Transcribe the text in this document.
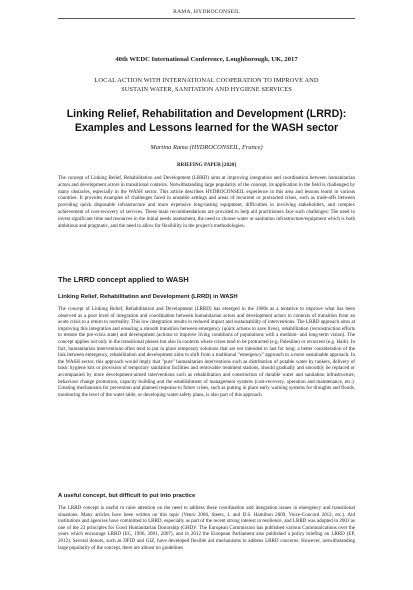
RAMA, HYDROCONSEIL
40th WEDC International Conference, Loughborough, UK, 2017
LOCAL ACTION WITH INTERNATIONAL COOPERATION TO IMPROVE AND
SUSTAIN WATER, SANITATION AND HYGIENE SERVICES
Linking Relief, Rehabilitation and Development (LRRD):
Examples and Lessons learned for the WASH sector
Martina Rama (HYDROCONSEIL, France)
BRIEFING PAPER [2820]

The concept of Linking Relief, Rehabilitation and Development (LRRD) aims at improving integration and coordination between humanitarian actors and development actors in transitional contexts. Notwithstanding large popularity of the concept, its application in the field is challenged by many obstacles, especially in the WASH sector. This article describes HYDROCONSEIL experience in this area and lessons learnt in various countries. It provides examples of challenges faced in unstable settings and areas of recurrent or protracted crises, such as trade-offs between providing quick disposable infrastructure and more expensive long-lasting equipment, difficulties in involving stakeholders, and complex achievement of cost-recovery of services. These main recommendations are provided to help aid practitioners face such challenges: The need to invest significant time and resources in the initial needs assessment, the need to choose water or sanitation infrastructure/equipment which is both ambitious and pragmatic, and the need to allow for flexibility in the project's methodologies.

The LRRD concept applied to WASH
Linking Relief, Rehabilitation and Development (LRRD) in WASH

The concept of Linking Relief, Rehabilitation and Development (LRRD) has emerged in the 1980s as a tentative to improve what has been observed as a poor level of integration and coordination between humanitarian actors and development actors in contexts of transition from an acute crisis to a return to normality. This low integration results in reduced impact and sustainability of interventions. The LRRD approach aims at improving this integration and ensuring a smooth transition between emergency (quick actions to save lives), rehabilitation (reconstruction efforts to restore the pre-crisis state) and development (actions to improve living conditions of populations with a medium- and long-term vision). The concept applies not only in the transitional phases but also in contexts where crises tend to be protracted (e.g. Palestine) or recurrent (e.g. Haiti). In fact, humanitarian interventions often tend to put in place temporary solutions that are not intended to last for long: a better consideration of the link between emergency, rehabilitation and development aims to shift from a traditional "emergency" approach to a more sustainable approach. In the WASH sector, this approach would imply that "pure" humanitarian interventions such as distribution of potable water by tankers, delivery of basic hygiene kits or provision of temporary sanitation facilities and removable treatment stations, should gradually and smoothly be replaced or accompanied by more development-aimed interventions such as rehabilitation and construction of durable water and sanitation infrastructure, behaviour change promotion, capacity building and the establishment of management systems (cost-recovery, operation and maintenance, etc.). Creating mechanisms for prevention and planned response to future crises, such as putting in place early warning systems for droughts and floods, monitoring the level of the water table, or developing water safety plans, is also part of this approach.

A useful concept, but difficult to put into practice

The LRRD concept is useful to raise attention on the need to address these coordination and integration issues in emergency and transitional situations. Many articles have been written on this topic (Venro 2006, Steets, J. and D.S. Hamilton 2009, Voice-Concord 2012, etc.). Aid institutions and agencies have committed to LRRD, especially as part of the recent strong interest in resilience, and LRRD was adopted in 2003 as one of the 23 principles for Good Humanitarian Donorship (GHD)¹. The European Commission has published various Communications over the years which encourage LRRD (EC, 1996, 2001, 2007), and in 2012 the European Parliament also published a policy briefing on LRRD (EP, 2012). Several donors, such as DFID and GIZ, have developed flexible aid mechanisms to address LRRD concerns. However, notwithstanding large popularity of the concept, there are almost no guidelines
